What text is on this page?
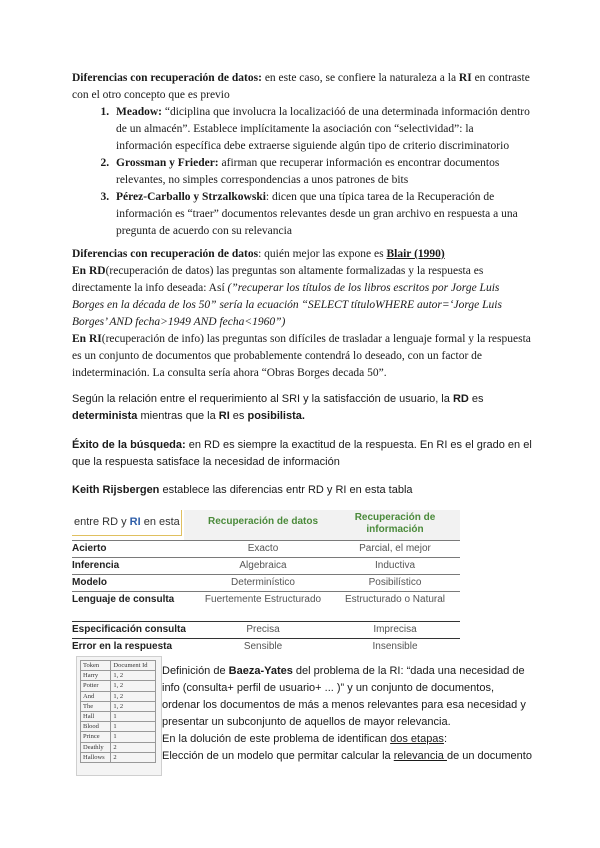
Diferencias con recuperación de datos: en este caso, se confiere la naturaleza a la RI en contraste con el otro concepto que es previo

1. Meadow: “diciplina que involucra la localizacióó de una determinada información dentro de un almacén”. Establece implícitamente la asociación con “selectividad”: la información específica debe extraerse siguiende algún tipo de criterio discriminatorio
2. Grossman y Frieder: afirman que recuperar información es encontrar documentos relevantes, no simples correspondencias a unos patrones de bits
3. Pérez-Carballo y Strzalkowski: dicen que una típica tarea de la Recuperación de información es “traer” documentos relevantes desde un gran archivo en respuesta a una pregunta de acuerdo con su relevancia

Diferencias con recuperación de datos: quién mejor las expone es Blair (1990)

En RD(recuperación de datos) las preguntas son altamente formalizadas y la respuesta es directamente la info deseada: Así (”recuperar los títulos de los libros escritos por Jorge Luis Borges en la década de los 50” sería la ecuación “SELECT títuloWHERE autor=‘Jorge Luis Borges’ AND fecha>1949 AND fecha<1960”)

En RI(recuperación de info) las preguntas son difíciles de trasladar a lenguaje formal y la respuesta es un conjunto de documentos que probablemente contendrá lo deseado, con un factor de indeterminación. La consulta sería ahora “Obras Borges decada 50”.

Según la relación entre el requerimiento al SRI y la satisfacción de usuario, la RD es determinista mientras que la RI es posibilista.

Éxito de la búsqueda: en RD es siempre la exactitud de la respuesta. En RI es el grado en el que la respuesta satisface la necesidad de información

Keith Rijsbergen establece las diferencias entr RD y RI en esta tabla

entre RD y RI en esta	Recuperación de datos	Recuperación de información
Acierto	Exacto	Parcial, el mejor
Inferencia	Algebraica	Inductiva
Modelo	Determinístico	Posibilístico
Lenguaje de consulta	Fuertemente Estructurado	Estructurado o Natural
Especificación consulta	Precisa	Imprecisa
Error en la respuesta	Sensible	Insensible
Token	Document Id
Harry	1, 2
Potter	1, 2
And	1, 2
The	1, 2
Hall	1
Blood	1
Prince	1
Deathly	2
Hallows	2

Definición de Baeza-Yates del problema de la RI: “dada una necesidad de info (consulta+ perfil de usuario+ ... )” y un conjunto de documentos, ordenar los documentos de más a menos relevantes para esa necesidad y presentar un subconjunto de aquellos de mayor relevancia.

En la dolución de este problema de identifican dos etapas:

Elección de un modelo que permitar calcular la relevancia de un documento
